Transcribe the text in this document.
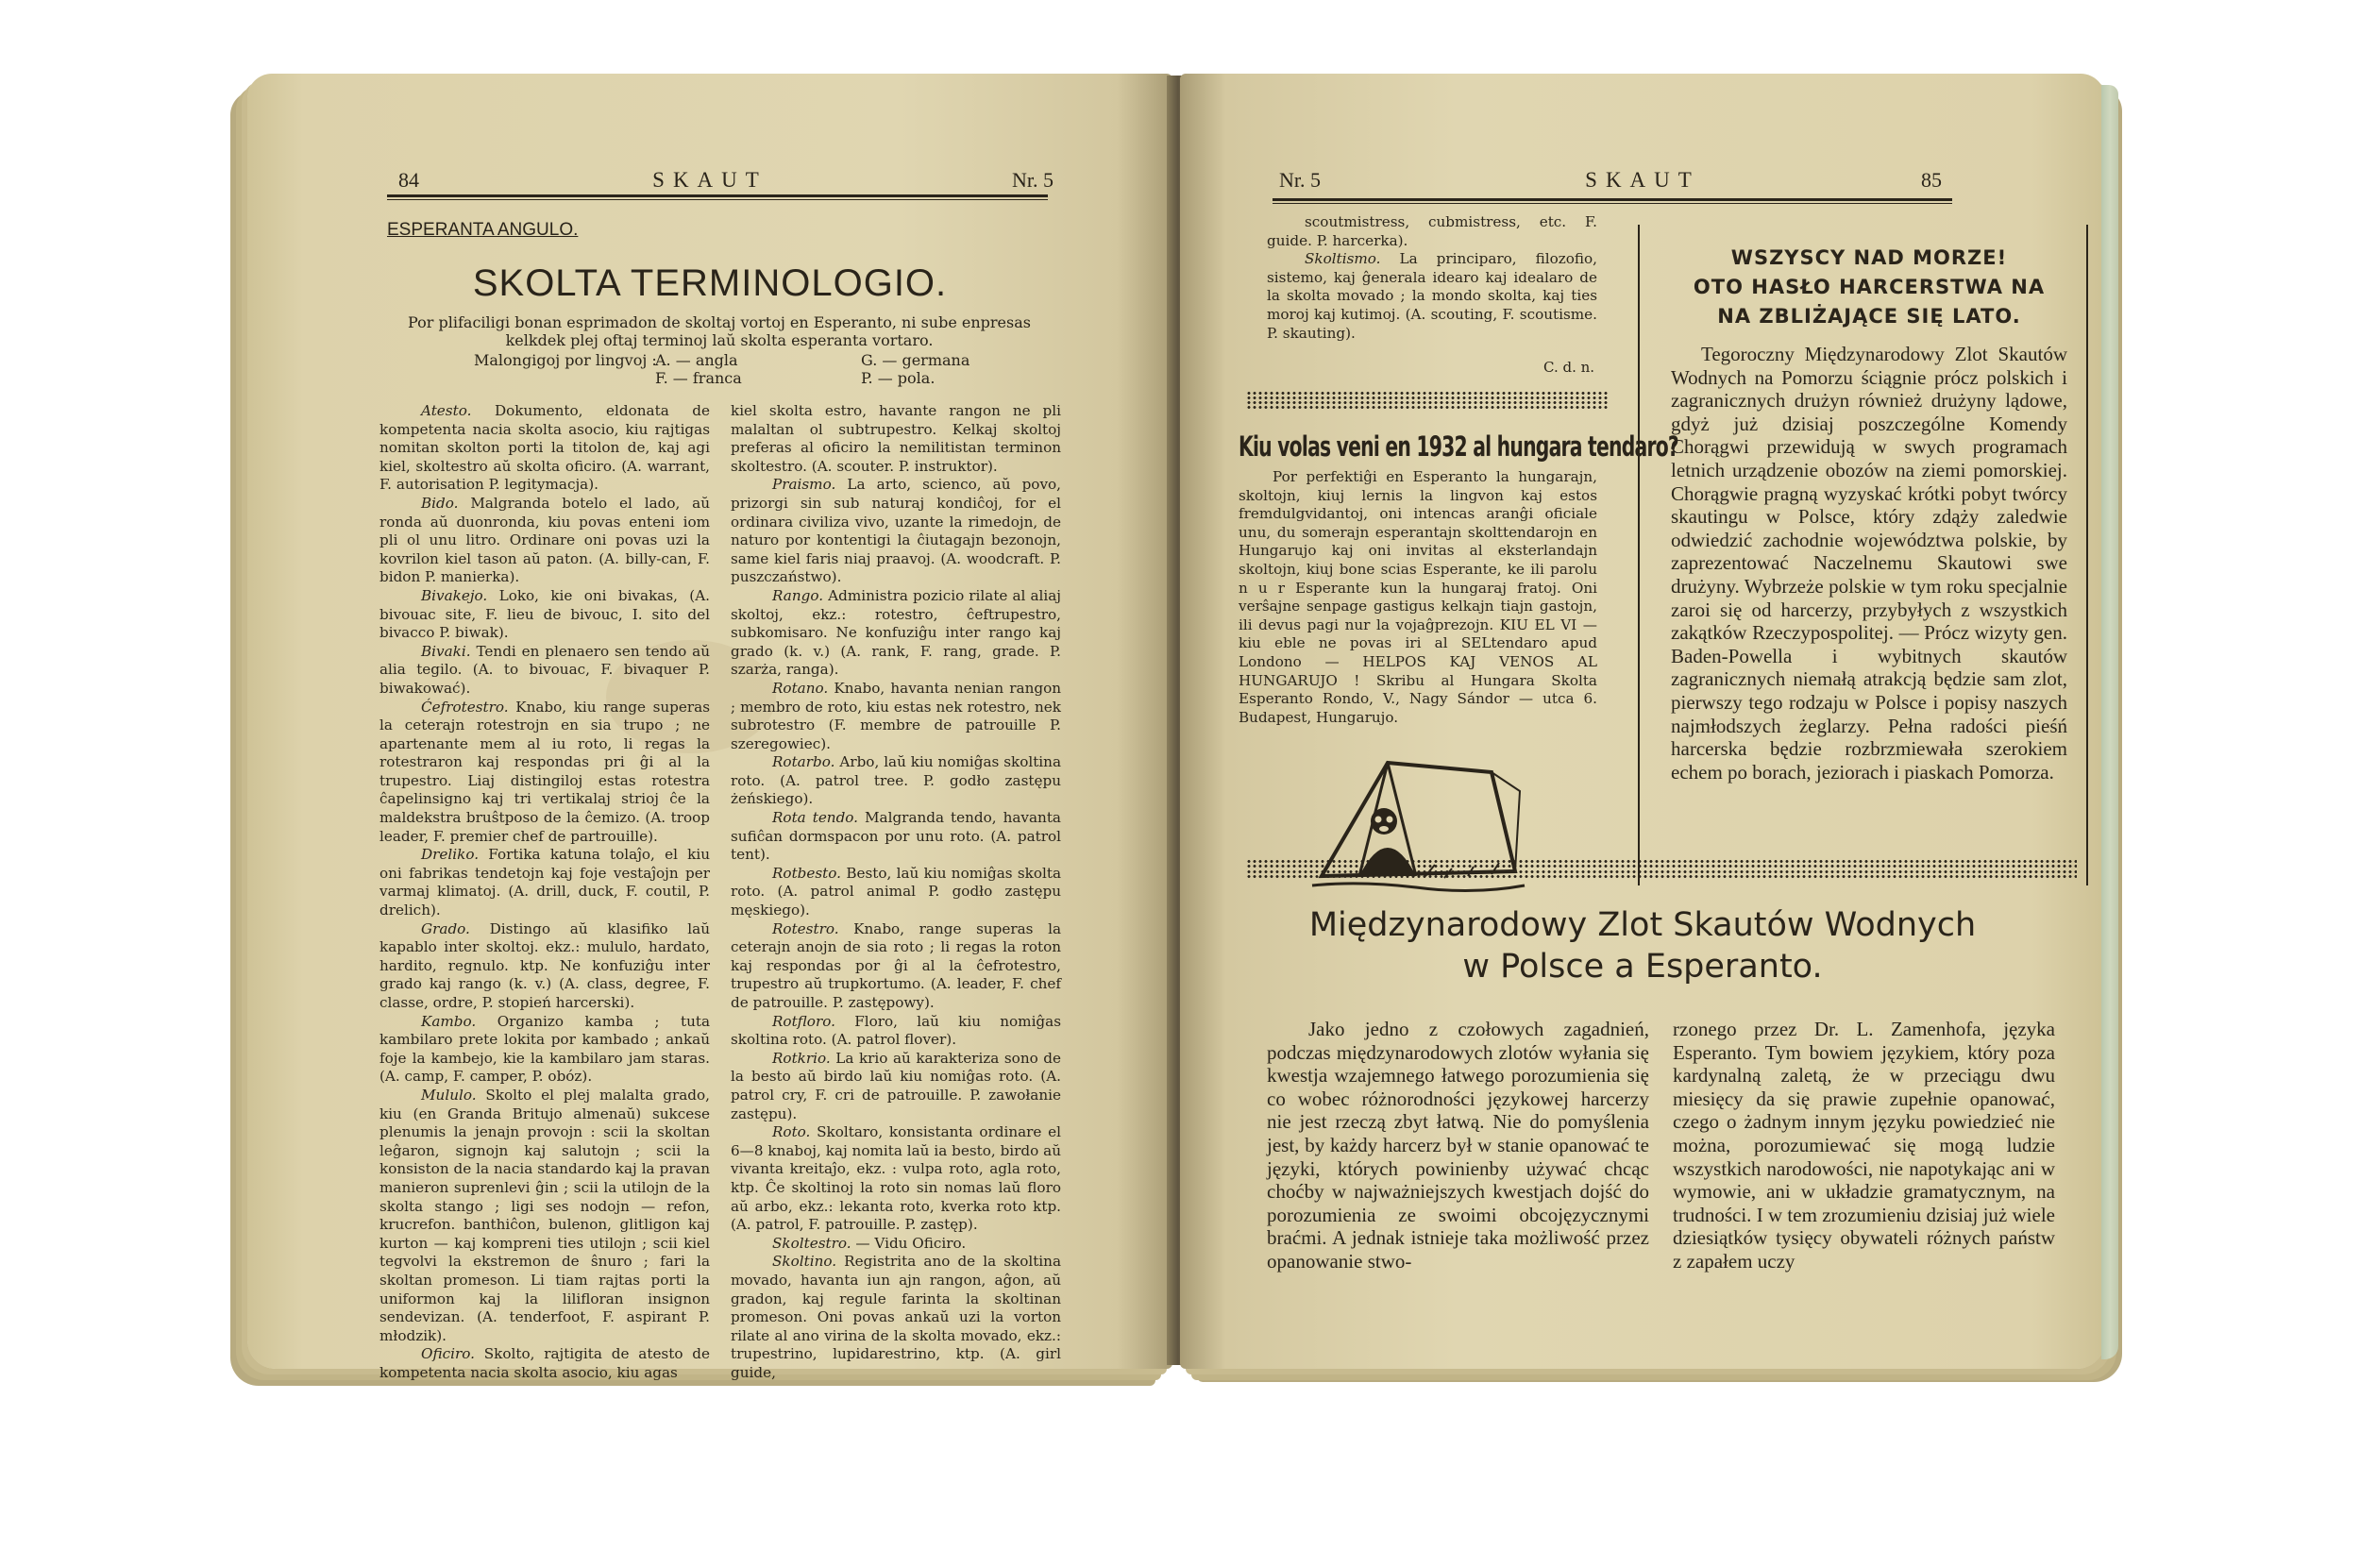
84	SKAUT	Nr. 5
ESPERANTA ANGULO.
SKOLTA TERMINOLOGIO.
Por plifaciligi bonan esprimadon de skoltaj vortoj en Esperanto, ni sube enpresas kelkdek plej oftaj terminoj laŭ skolta esperanta vortaro.
Malongigoj por lingvoj :
A. — angla	G. — germana
F. — franca	P. — pola.

Atesto. Dokumento, eldonata de kompetenta nacia skolta asocio, kiu rajtigas nomitan skolton porti la titolon de, kaj agi kiel, skoltestro aŭ skolta oficiro. (A. warrant, F. autorisation P. legitymacja).

Bido. Malgranda botelo el lado, aŭ ronda aŭ duonronda, kiu povas enteni iom pli ol unu litro. Ordinare oni povas uzi la kovrilon kiel tason aŭ paton. (A. billy-can, F. bidon P. manierka).

Bivakejo. Loko, kie oni bivakas, (A. bivouac site, F. lieu de bivouc, I. sito del bivacco P. biwak).

Bivaki. Tendi en plenaero sen tendo aŭ alia tegilo. (A. to bivouac, F. bivaquer P. biwakować).

Ćefrotestro. Knabo, kiu range superas la ceterajn rotestrojn en sia trupo ; ne apartenante mem al iu roto, li regas la rotestraron kaj respondas pri ĝi al la trupestro. Liaj distingiloj estas rotestra ĉapelinsigno kaj tri vertikalaj strioj ĉe la maldekstra bruŝtposo de la ĉemizo. (A. troop leader, F. premier chef de partrouille).

Dreliko. Fortika katuna tolaĵo, el kiu oni fabrikas tendetojn kaj foje vestaĵojn per varmaj klimatoj. (A. drill, duck, F. coutil, P. drelich).

Grado. Distingo aŭ klasifiko laŭ kapablo inter skoltoj. ekz.: mululo, hardato, hardito, regnulo. ktp. Ne konfuziĝu inter grado kaj rango (k. v.) (A. class, degree, F. classe, ordre, P. stopień harcerski).

Kambo. Organizo kamba ; tuta kambilaro prete lokita por kambado ; ankaŭ foje la kambejo, kie la kambilaro jam staras. (A. camp, F. camper, P. obóz).

Mululo. Skolto el plej malalta grado, kiu (en Granda Britujo almenaŭ) sukcese plenumis la jenajn provojn : scii la skoltan leĝaron, signojn kaj salutojn ; scii la konsiston de la nacia standardo kaj la pravan manieron suprenlevi ĝin ; scii la utilojn de la skolta stango ; ligi ses nodojn — refon, krucrefon. banthiĉon, bulenon, glitligon kaj kurton — kaj kompreni ties utilojn ; scii kiel tegvolvi la ekstremon de ŝnuro ; fari la skoltan promeson. Li tiam rajtas porti la uniformon kaj la lilifloran insignon sendevizan. (A. tenderfoot, F. aspirant P. młodzik).

Oficiro. Skolto, rajtigita de atesto de kompetenta nacia skolta asocio, kiu agas

kiel skolta estro, havante rangon ne pli malaltan ol subtrupestro. Kelkaj skoltoj preferas al oficiro la nemilitistan terminon skoltestro. (A. scouter. P. instruktor).

Praismo. La arto, scienco, aŭ povo, prizorgi sin sub naturaj kondiĉoj, for el ordinara civiliza vivo, uzante la rimedojn, de naturo por kontentigi la ĉiutagajn bezonojn, same kiel faris niaj praavoj. (A. woodcraft. P. puszczaństwo).

Rango. Administra pozicio rilate al aliaj skoltoj, ekz.: rotestro, ĉeftrupestro, subkomisaro. Ne konfuziĝu inter rango kaj grado (k. v.) (A. rank, F. rang, grade. P. szarża, ranga).

Rotano. Knabo, havanta nenian rangon ; membro de roto, kiu estas nek rotestro, nek subrotestro (F. membre de patrouille P. szeregowiec).

Rotarbo. Arbo, laŭ kiu nomiĝas skoltina roto. (A. patrol tree. P. godło zastępu żeńskiego).

Rota tendo. Malgranda tendo, havanta sufiĉan dormspacon por unu roto. (A. patrol tent).

Rotbesto. Besto, laŭ kiu nomiĝas skolta roto. (A. patrol animal P. godło zastępu męskiego).

Rotestro. Knabo, range superas la ceterajn anojn de sia roto ; li regas la roton kaj respondas por ĝi al la ĉefrotestro, trupestro aŭ trupkortumo. (A. leader, F. chef de patrouille. P. zastępowy).

Rotfloro. Floro, laŭ kiu nomiĝas skoltina roto. (A. patrol flover).

Rotkrio. La krio aŭ karakteriza sono de la besto aŭ birdo laŭ kiu nomiĝas roto. (A. patrol cry, F. cri de patrouille. P. zawołanie zastępu).

Roto. Skoltaro, konsistanta ordinare el 6—8 knaboj, kaj nomita laŭ ia besto, birdo aŭ vivanta kreitaĵo, ekz. : vulpa roto, agla roto, ktp. Ĉe skoltinoj la roto sin nomas laŭ floro aŭ arbo, ekz.: lekanta roto, kverka roto ktp. (A. patrol, F. patrouille. P. zastęp).

Skoltestro. — Vidu Oficiro.

Skoltino. Registrita ano de la skoltina movado, havanta iun ajn rangon, aĝon, aŭ gradon, kaj regule farinta la skoltinan promeson. Oni povas ankaŭ uzi la vorton rilate al ano virina de la skolta movado, ekz.: trupestrino, lupidarestrino, ktp. (A. girl guide,

Nr. 5	SKAUT	85

scoutmistress, cubmistress, etc. F. guide. P. harcerka).

Skoltismo. La principaro, filozofio, sistemo, kaj ĝenerala idearo kaj idealaro de la skolta movado ; la mondo skolta, kaj ties moroj kaj kutimoj. (A. scouting, F. scoutisme. P. skauting).

C. d. n.
Kiu volas veni en 1932 al hungara tendaro?

Por perfektiĝi en Esperanto la hungarajn, skoltojn, kiuj lernis la lingvon kaj estos fremdulgvidantoj, oni intencas aranĝi oficiale unu, du somerajn esperantajn skolttendarojn en Hungarujo kaj oni invitas al eksterlandajn skoltojn, kiuj bone scias Esperante, ke ili parolu n u r Esperante kun la hungaraj fratoj. Oni verŝajne senpage gastigus kelkajn tiajn gastojn, ili devus pagi nur la vojaĝprezojn. KIU EL VI — kiu eble ne povas iri al SELtendaro apud Londono — HELPOS KAJ VENOS AL HUNGARUJO ! Skribu al Hungara Skolta Esperanto Rondo, V., Nagy Sándor — utca 6. Budapest, Hungarujo.

WSZYSCY NAD MORZE!
OTO HASŁO HARCERSTWA NA
NA ZBLIŻAJĄCE SIĘ LATO.

Tegoroczny Międzynarodowy Zlot Skautów Wodnych na Pomorzu ściągnie prócz polskich i zagranicznych drużyn również drużyny lądowe, gdyż już dzisiaj poszczególne Komendy Chorągwi przewidują w swych programach letnich urządzenie obozów na ziemi pomorskiej. Chorągwie pragną wyzyskać krótki pobyt twórcy skautingu w Polsce, który zdąży zaledwie odwiedzić zachodnie województwa polskie, by zaprezentować Naczelnemu Skautowi swe drużyny. Wybrzeże polskie w tym roku specjalnie zaroi się od harcerzy, przybyłych z wszystkich zakątków Rzeczypospolitej. — Prócz wizyty gen. Baden-Powella i wybitnych skautów zagranicznych niemałą atrakcją będzie sam zlot, pierwszy tego rodzaju w Polsce i popisy naszych najmłodszych żeglarzy. Pełna radości pieśń harcerska będzie rozbrzmiewała szerokiem echem po borach, jeziorach i piaskach Pomorza.

Międzynarodowy Zlot Skautów Wodnych
w Polsce a Esperanto.

Jako jedno z czołowych zagadnień, podczas międzynarodowych zlotów wyłania się kwestja wzajemnego łatwego porozumienia się co wobec różnorodności językowej harcerzy nie jest rzeczą zbyt łatwą. Nie do pomyślenia jest, by każdy harcerz był w stanie opanować te języki, których powinienby używać chcąc choćby w najważniejszych kwestjach dojść do porozumienia ze swoimi obcojęzycznymi braćmi. A jednak istnieje taka możliwość przez opanowanie stwo-

rzonego przez Dr. L. Zamenhofa, języka Esperanto. Tym bowiem językiem, który poza kardynalną zaletą, że w przeciągu dwu miesięcy da się prawie zupełnie opanować, czego o żadnym innym języku powiedzieć nie można, porozumiewać się mogą ludzie wszystkich narodowości, nie napotykając ani w wymowie, ani w układzie gramatycznym, na trudności. I w tem zrozumieniu dzisiaj już wiele dziesiątków tysięcy obywateli różnych państw z zapałem uczy
